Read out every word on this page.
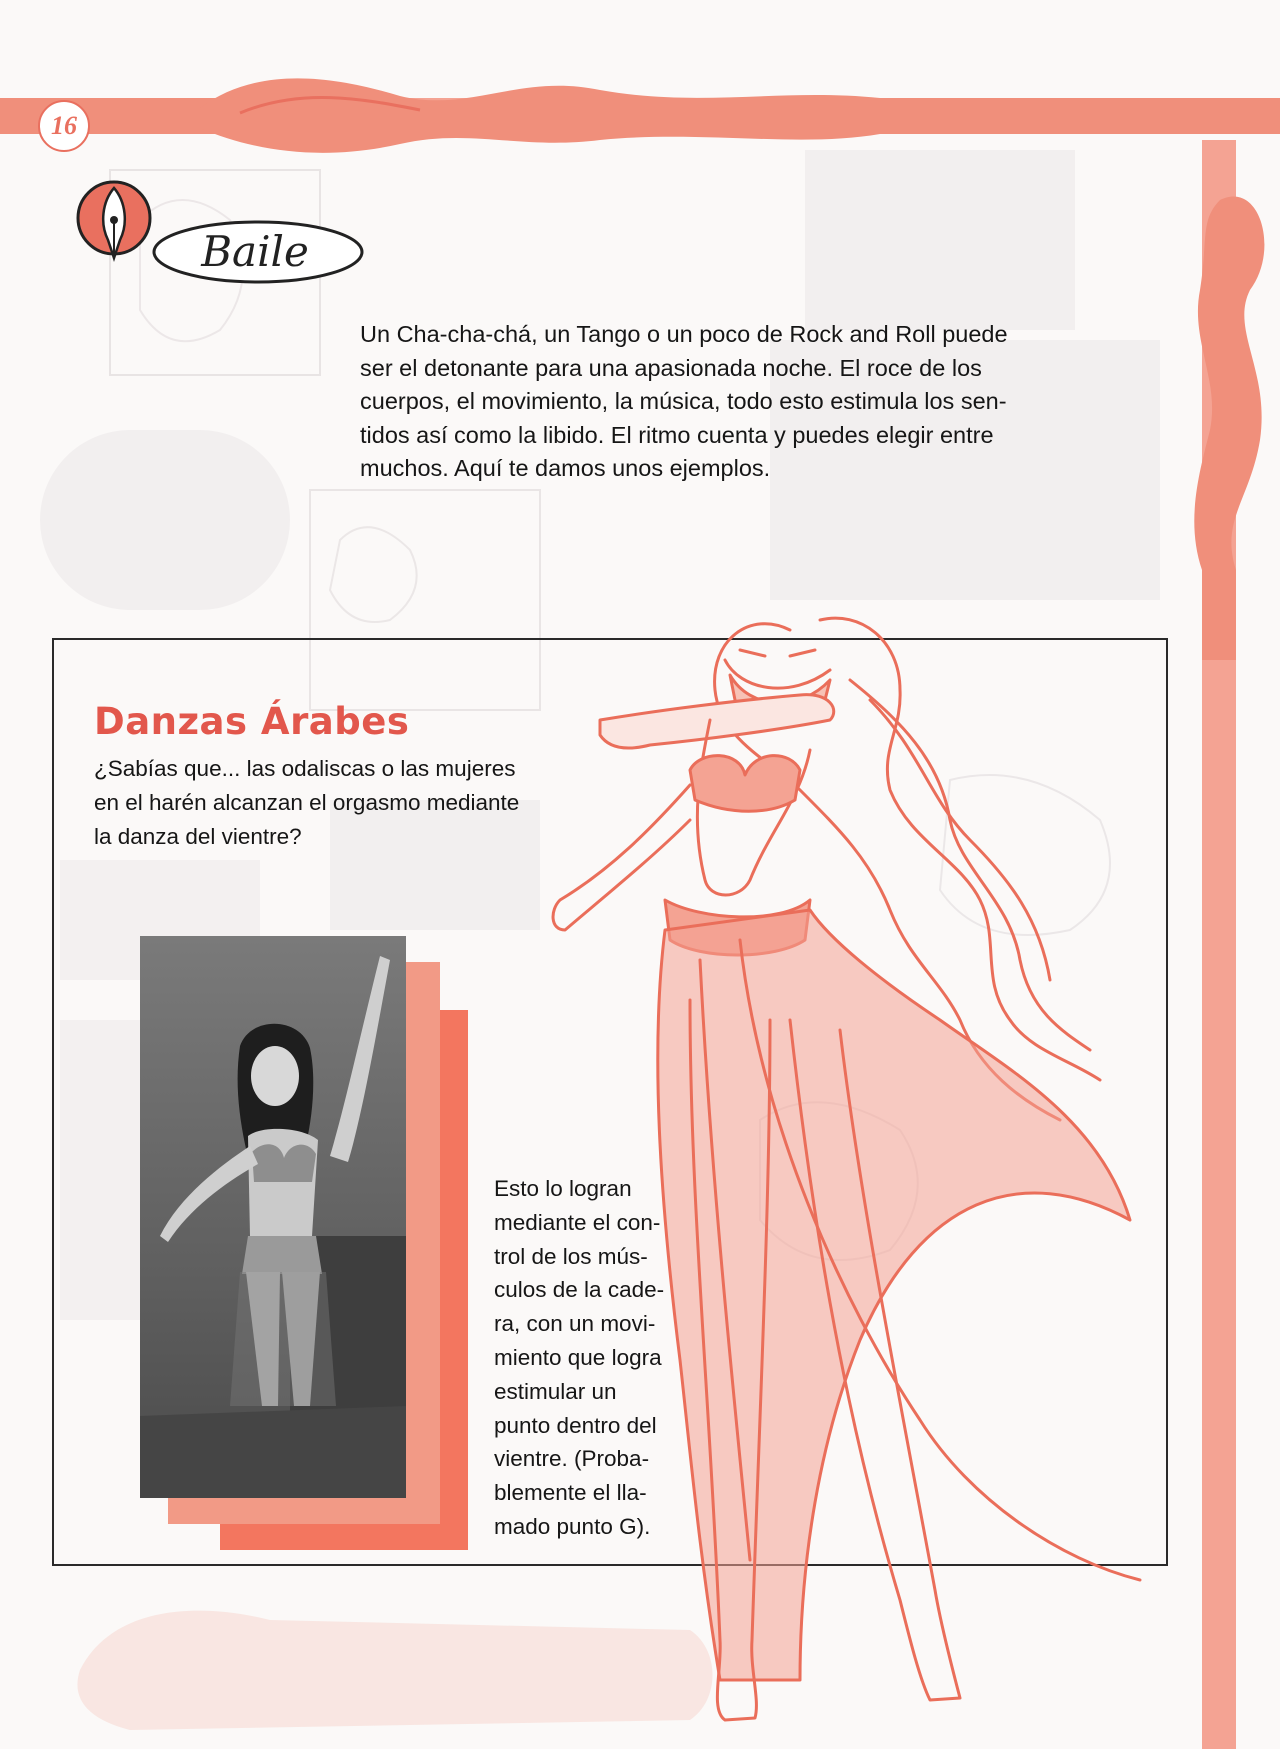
16
Baile
Un Cha-cha-chá, un Tango o un poco de Rock and Roll puede
ser el detonante para una apasionada noche. El roce de los
cuerpos, el movimiento, la música, todo esto estimula los sen-
tidos así como la libido. El ritmo cuenta y puedes elegir entre
muchos. Aquí te damos unos ejemplos.
Danzas Árabes
¿Sabías que... las odaliscas o las mujeres
en el harén alcanzan el orgasmo mediante
la danza del vientre?
Esto lo logran
mediante el con-
trol de los mús-
culos de la cade-
ra, con un movi-
miento que logra
estimular un
punto dentro del
vientre. (Proba-
blemente el lla-
mado punto G).
